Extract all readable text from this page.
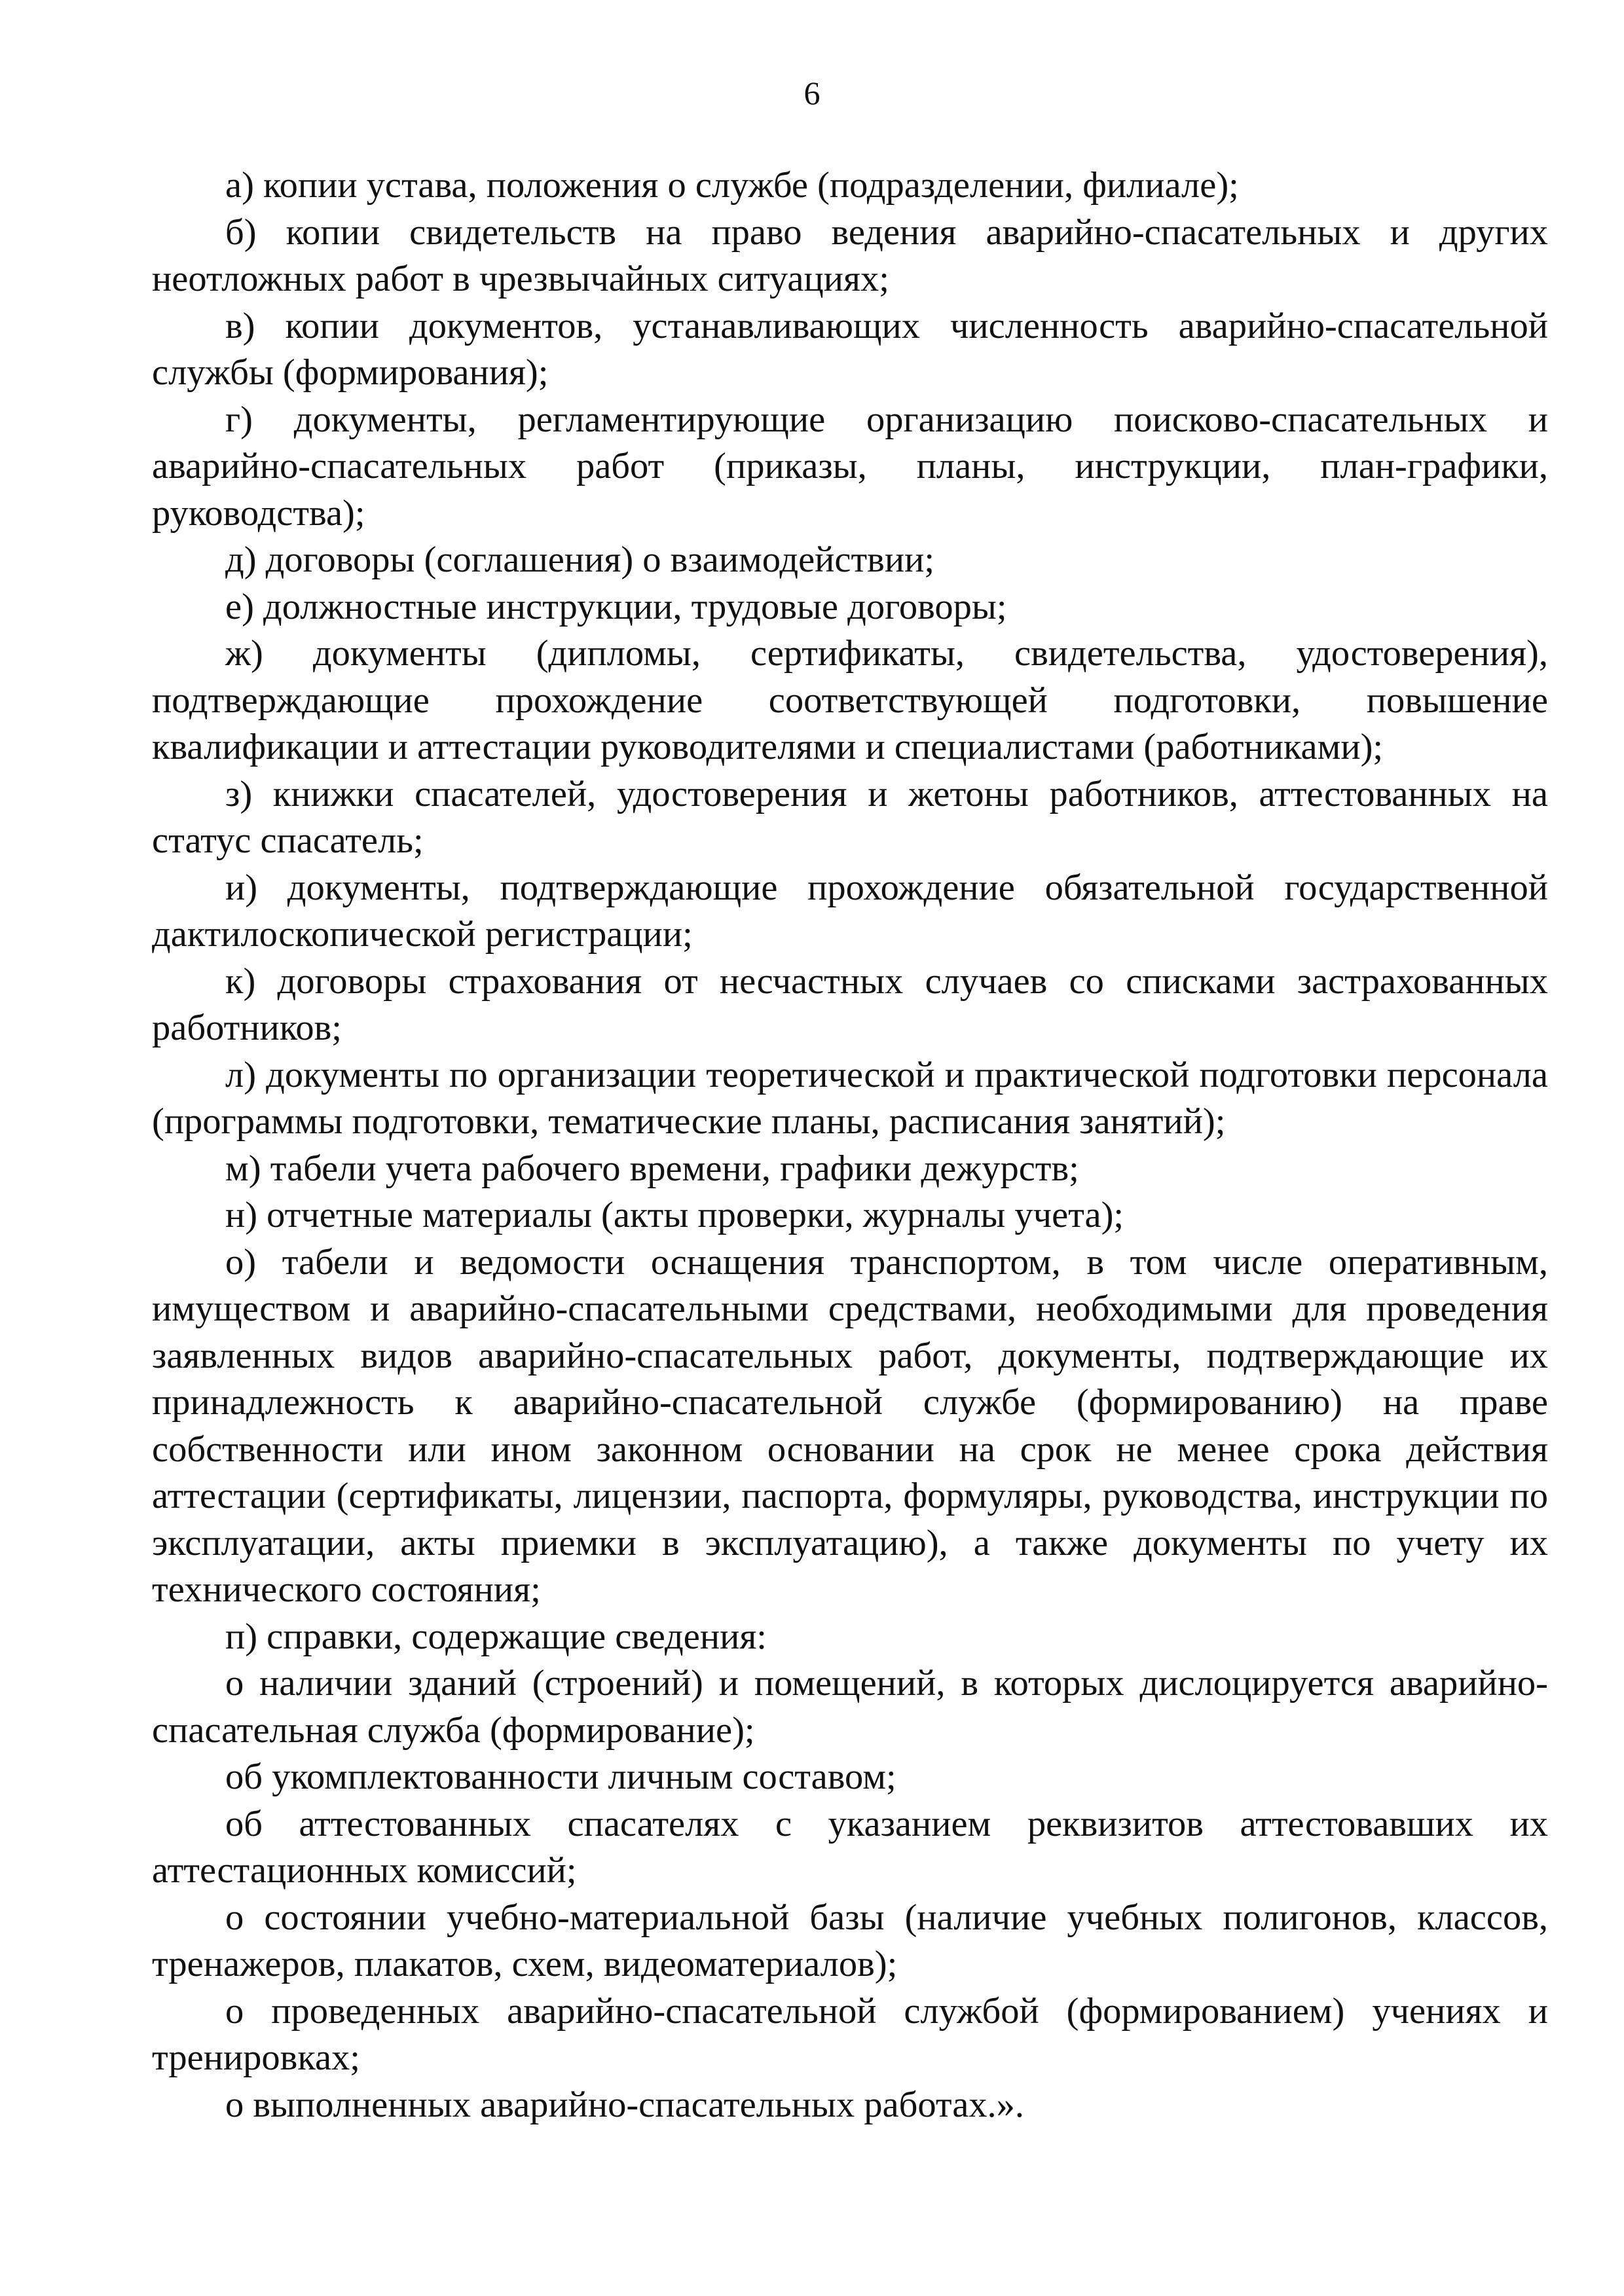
6

а) копии устава, положения о службе (подразделении, филиале);

б) копии свидетельств на право ведения аварийно-спасательных и других неотложных работ в чрезвычайных ситуациях;

в) копии документов, устанавливающих численность аварийно-спасательной службы (формирования);

г) документы, регламентирующие организацию поисково-спасательных и аварийно-спасательных работ (приказы, планы, инструкции, план-графики, руководства);

д) договоры (соглашения) о взаимодействии;

е) должностные инструкции, трудовые договоры;

ж) документы (дипломы, сертификаты, свидетельства, удостоверения), подтверждающие прохождение соответствующей подготовки, повышение квалификации и аттестации руководителями и специалистами (работниками);

з) книжки спасателей, удостоверения и жетоны работников, аттестованных на статус спасатель;

и) документы, подтверждающие прохождение обязательной государственной дактилоскопической регистрации;

к) договоры страхования от несчастных случаев со списками застрахованных работников;

л) документы по организации теоретической и практической подготовки персонала (программы подготовки, тематические планы, расписания занятий);

м) табели учета рабочего времени, графики дежурств;

н) отчетные материалы (акты проверки, журналы учета);

о) табели и ведомости оснащения транспортом, в том числе оперативным, имуществом и аварийно-спасательными средствами, необходимыми для проведения заявленных видов аварийно-спасательных работ, документы, подтверждающие их принадлежность к аварийно-спасательной службе (формированию) на праве собственности или ином законном основании на срок не менее срока действия аттестации (сертификаты, лицензии, паспорта, формуляры, руководства, инструкции по эксплуатации, акты приемки в эксплуатацию), а также документы по учету их технического состояния;

п) справки, содержащие сведения:

о наличии зданий (строений) и помещений, в которых дислоцируется аварийно-спасательная служба (формирование);

об укомплектованности личным составом;

об аттестованных спасателях с указанием реквизитов аттестовавших их аттестационных комиссий;

о состоянии учебно-материальной базы (наличие учебных полигонов, классов, тренажеров, плакатов, схем, видеоматериалов);

о проведенных аварийно-спасательной службой (формированием) учениях и тренировках;

о выполненных аварийно-спасательных работах.».
